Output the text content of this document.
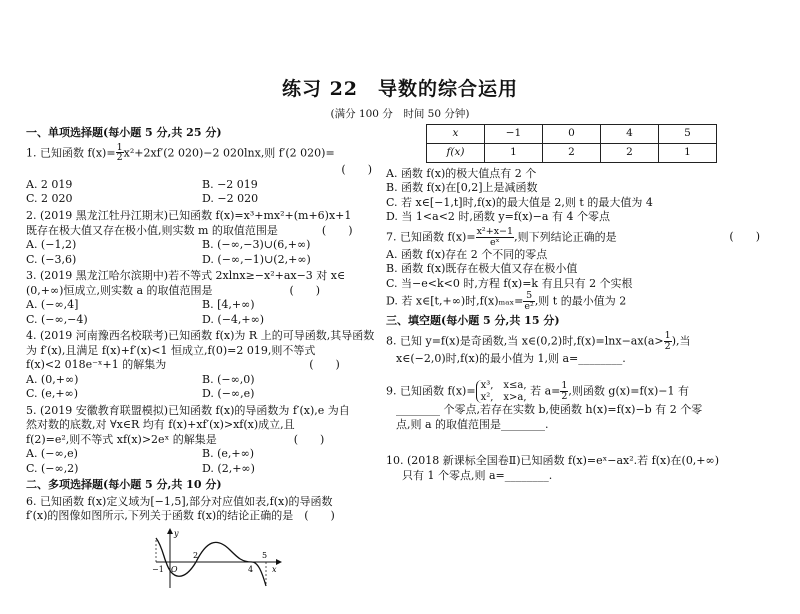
练习 22　导数的综合运用
(满分 100 分　时间 50 分钟)
一、单项选择题(每小题 5 分,共 25 分)
1. 已知函数 $f(x)= \frac{1}{2} x^2+2xf'(2$ 020)−2 020lnx,则 f′(2 020)=
(　　)
A. 2 019	B. −2 019
C. 2 020	D. −2 020
2. (2019 黑龙江牡丹江期末)已知函数 f(x)=x³+mx²+(m+6)x+1
既存在极大值又存在极小值,则实数 m 的取值范围是　　　　(　　)
A. (−1,2)	B. (−∞,−3)∪(6,+∞)
C. (−3,6)	D. (−∞,−1)∪(2,+∞)
3. (2019 黑龙江哈尔滨期中)若不等式 2xlnx≥−x²+ax−3 对 x∈
(0,+∞)恒成立,则实数 a 的取值范围是　　　　　　　(　　)
A. (−∞,4]	B. [4,+∞)
C. (−∞,−4)	D. (−4,+∞)
4. (2019 河南豫西名校联考)已知函数 f(x)为 R 上的可导函数,其导函数
为 f′(x),且满足 f(x)+f′(x)<1 恒成立,f(0)=2 019,则不等式
f(x)<2 018e⁻ˣ+1 的解集为　　　　　　　　　　　　　(　　)
A. (0,+∞)	B. (−∞,0)
C. (e,+∞)	D. (−∞,e)
5. (2019 安徽教育联盟模拟)已知函数 f(x)的导函数为 f′(x),e 为自
然对数的底数,对 ∀x∈R 均有 f(x)+xf′(x)>xf(x)成立,且
f(2)=e²,则不等式 xf(x)>2eˣ 的解集是　　　　　　　(　　)
A. (−∞,e)	B. (e,+∞)
C. (−∞,2)	D. (2,+∞)
二、多项选择题(每小题 5 分,共 10 分)
6. 已知函数 f(x)定义域为[−1,5],部分对应值如表,f(x)的导函数
f′(x)的图像如图所示,下列关于函数 f(x)的结论正确的是　(　　)
y
x
−1 O
2
4
5
x	−1	0	4	5
f(x)	1	2	2	1
A. 函数 f(x)的极大值点有 2 个
B. 函数 f(x)在[0,2]上是减函数
C. 若 x∈[−1,t]时,f(x)的最大值是 2,则 t 的最大值为 4
D. 当 1<a<2 时,函数 y=f(x)−a 有 4 个零点
7. 已知函数 $f(x)= \frac{\text{x²+x−1}}{\text{eˣ}}$ ,则下列结论正确的是	(　　)
A. 函数 f(x)存在 2 个不同的零点
B. 函数 f(x)既存在极大值又存在极小值
C. 当−e<k<0 时,方程 f(x)=k 有且只有 2 个实根
D. 若 x∈[t,+∞)时$,f(x)_{max}= \frac{5}{\text{e²}}$ ,则 t 的最小值为 2
三、填空题(每小题 5 分,共 15 分)
8. 已知 y=f(x)是奇函数,当 x∈(0,2)时$,f(x)=\ln x-ax(a> \frac{1}{2}$ ),当
x∈(−2,0)时,f(x)的最小值为 1,则 a=________.
9. 已知函数 f(x)= x³,　x≤a,
x²,　x>a, 若 $a= \frac{1}{2}$ ,则函数 g(x)=f(x)−1 有
________ 个零点,若存在实数 b,使函数 h(x)=f(x)−b 有 2 个零
点,则 a 的取值范围是________.
10. (2018 新课标全国卷Ⅱ)已知函数 f(x)=eˣ−ax².若 f(x)在(0,+∞)
只有 1 个零点,则 a=________.
